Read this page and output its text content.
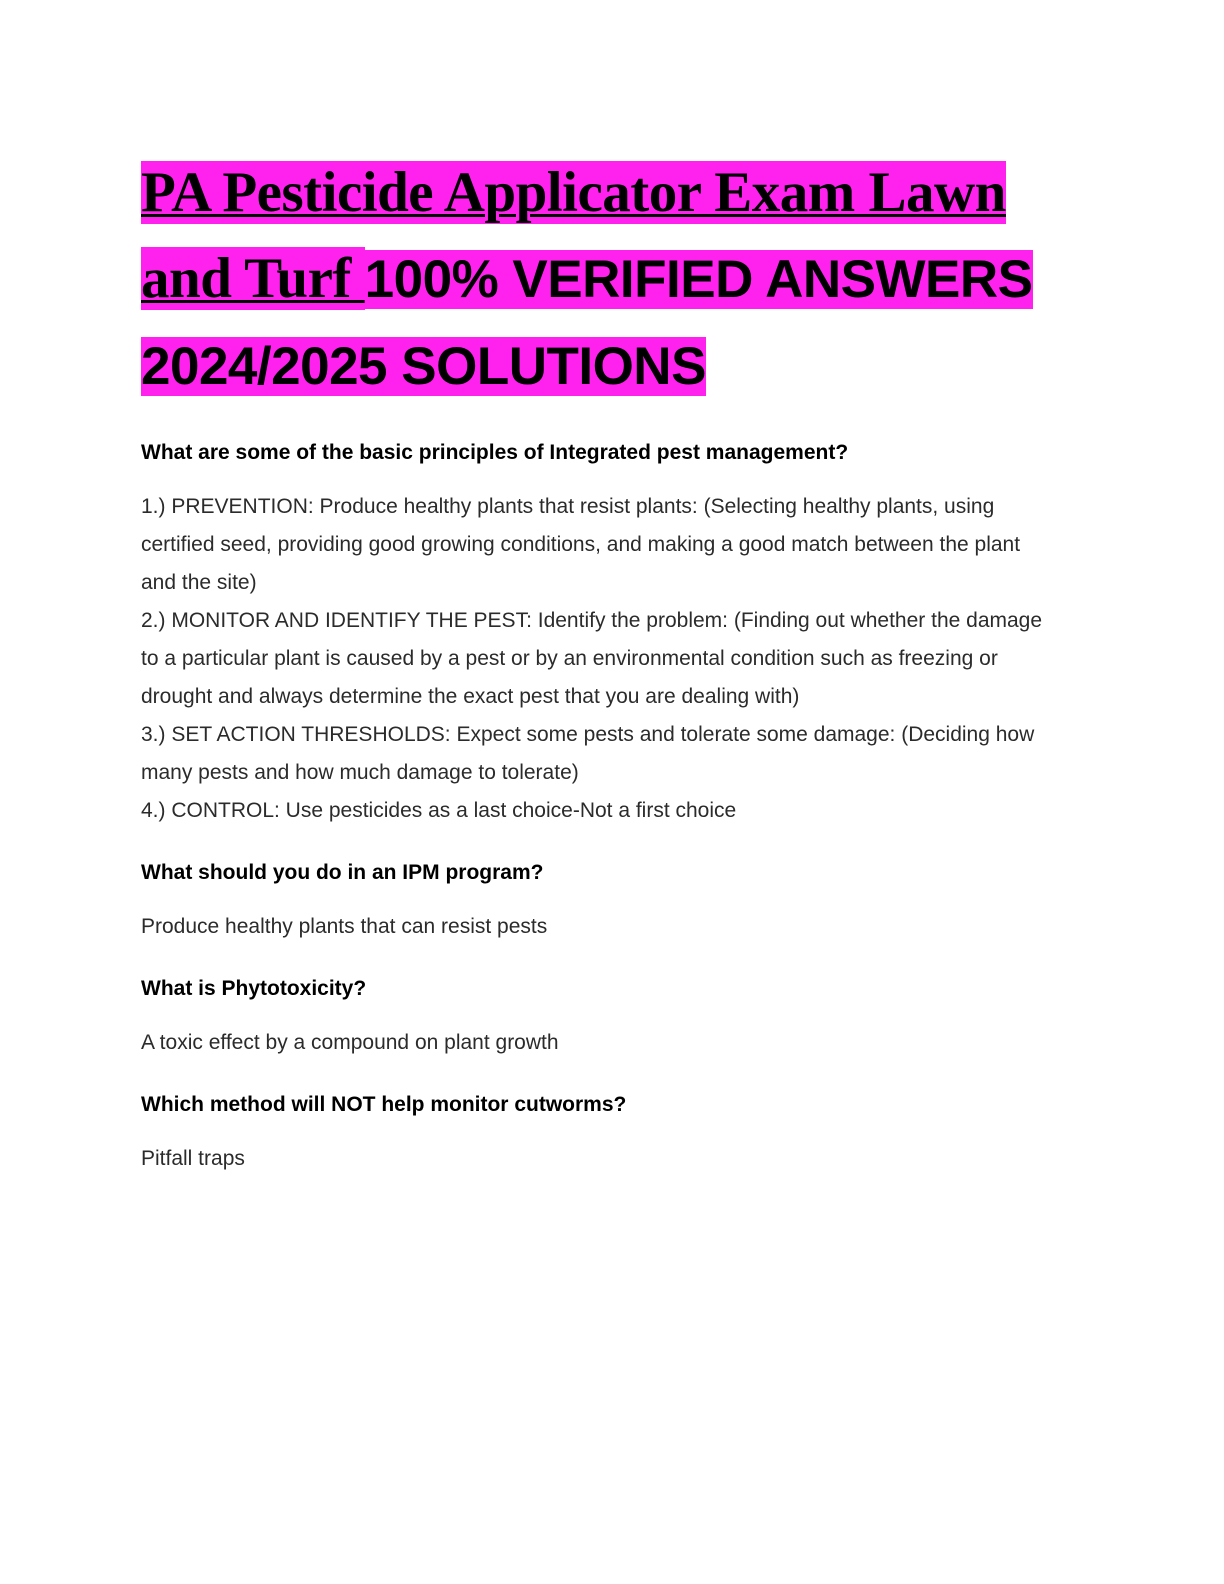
PA Pesticide Applicator Exam Lawn and Turf 100% VERIFIED ANSWERS 2024/2025 SOLUTIONS
What are some of the basic principles of Integrated pest management?

1.) PREVENTION: Produce healthy plants that resist plants: (Selecting healthy plants, using certified seed, providing good growing conditions, and making a good match between the plant and the site)

2.) MONITOR AND IDENTIFY THE PEST: Identify the problem: (Finding out whether the damage to a particular plant is caused by a pest or by an environmental condition such as freezing or drought and always determine the exact pest that you are dealing with)

3.) SET ACTION THRESHOLDS: Expect some pests and tolerate some damage: (Deciding how many pests and how much damage to tolerate)

4.) CONTROL: Use pesticides as a last choice-Not a first choice

What should you do in an IPM program?

Produce healthy plants that can resist pests

What is Phytotoxicity?

A toxic effect by a compound on plant growth

Which method will NOT help monitor cutworms?

Pitfall traps
